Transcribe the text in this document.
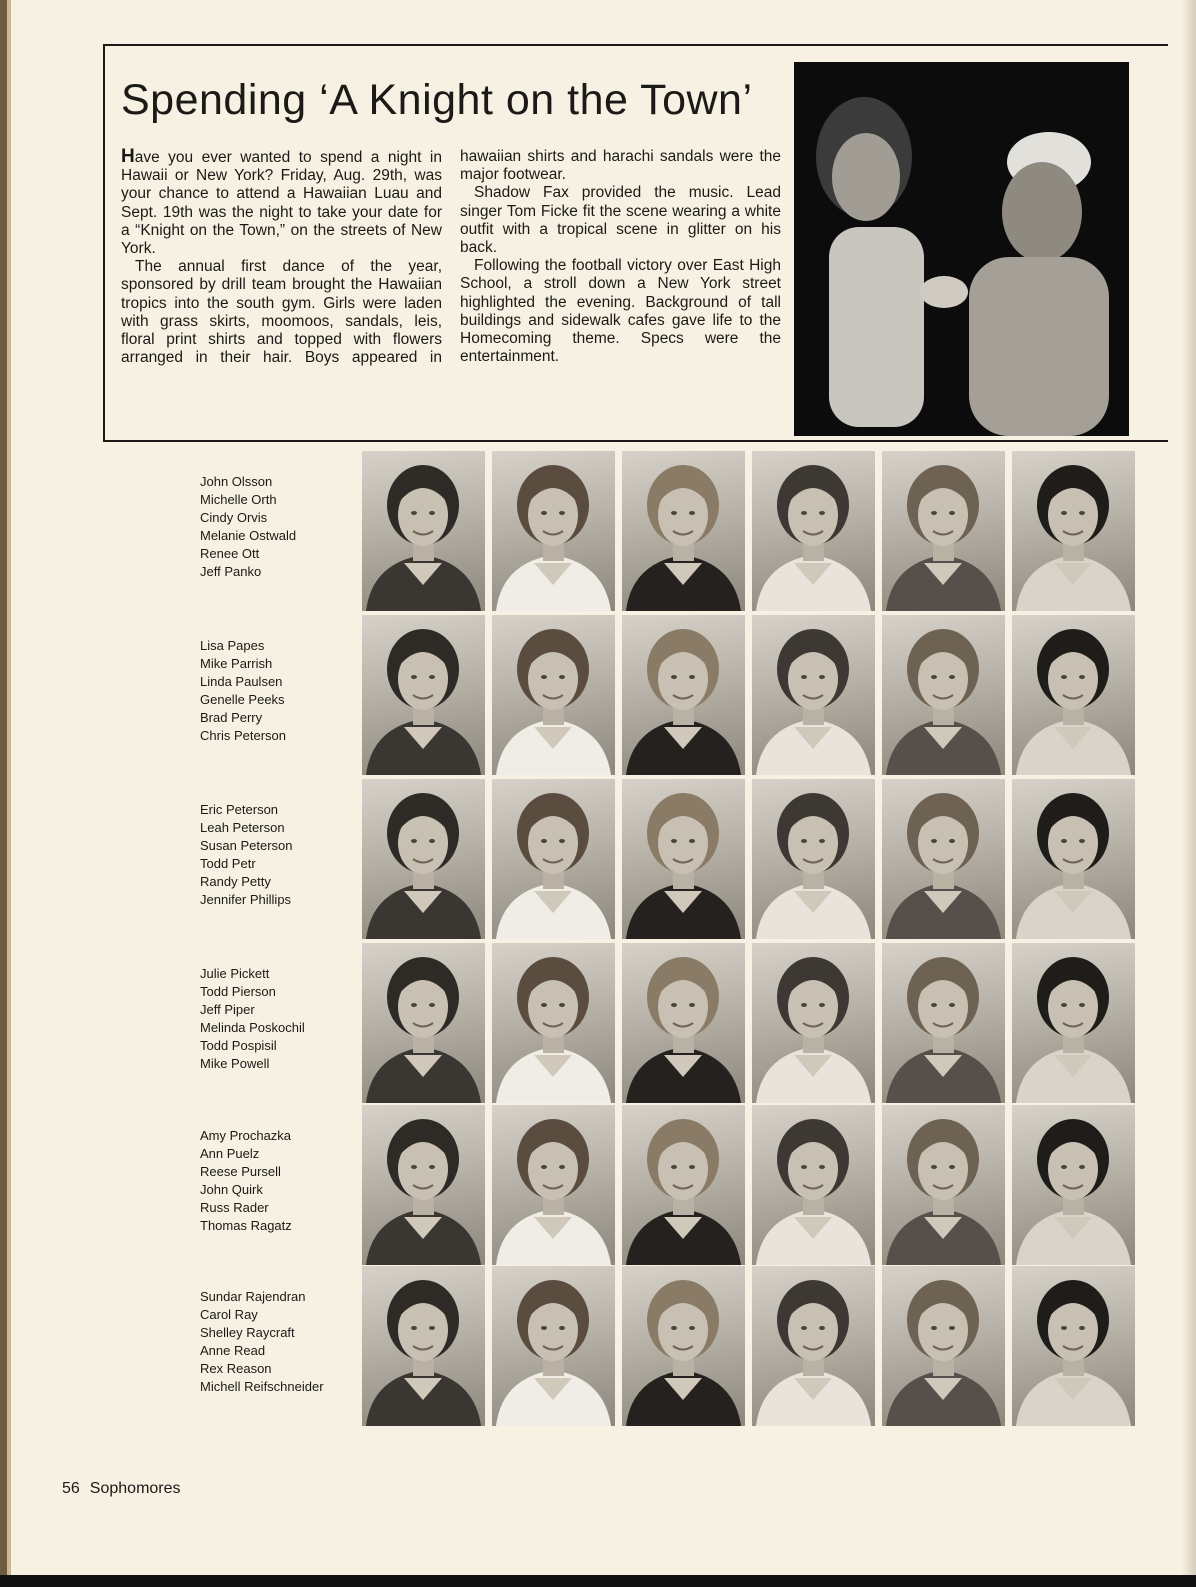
Spending ‘A Knight on the Town’

Have you ever wanted to spend a night in Hawaii or New York? Friday, Aug. 29th, was your chance to attend a Hawaiian Luau and Sept. 19th was the night to take your date for a “Knight on the Town,” on the streets of New York.

The annual first dance of the year, sponsored by drill team brought the Hawaiian tropics into the south gym. Girls were laden with grass skirts, moomoos, sandals, leis, floral print shirts and topped with flowers arranged in their hair. Boys appeared in hawaiian shirts and harachi sandals were the major footwear.

Shadow Fax provided the music. Lead singer Tom Ficke fit the scene wearing a white outfit with a tropical scene in glitter on his back.

Following the football victory over East High School, a stroll down a New York street highlighted the evening. Background of tall buildings and sidewalk cafes gave life to the Homecoming theme. Specs were the entertainment.

John Olsson
Michelle Orth
Cindy Orvis
Melanie Ostwald
Renee Ott
Jeff Panko
Lisa Papes
Mike Parrish
Linda Paulsen
Genelle Peeks
Brad Perry
Chris Peterson
Eric Peterson
Leah Peterson
Susan Peterson
Todd Petr
Randy Petty
Jennifer Phillips
Julie Pickett
Todd Pierson
Jeff Piper
Melinda Poskochil
Todd Pospisil
Mike Powell
Amy Prochazka
Ann Puelz
Reese Pursell
John Quirk
Russ Rader
Thomas Ragatz
Sundar Rajendran
Carol Ray
Shelley Raycraft
Anne Read
Rex Reason
Michell Reifschneider
56 Sophomores
